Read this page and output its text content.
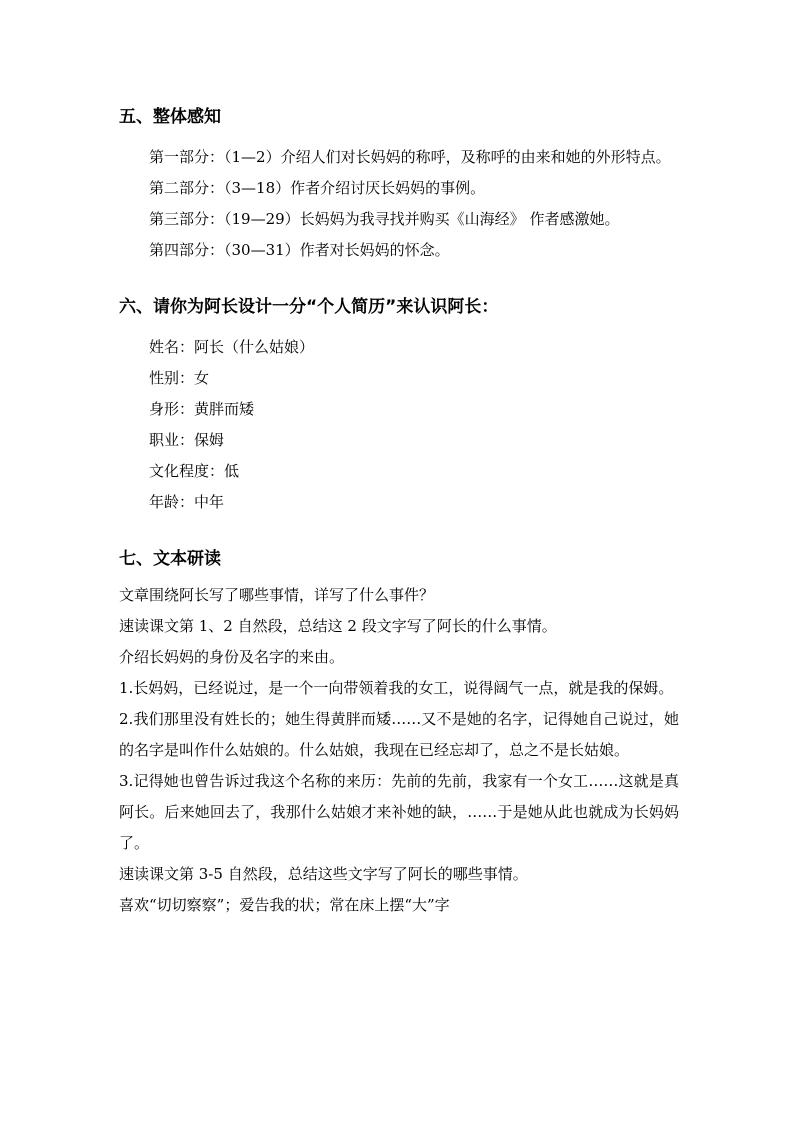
五、整体感知

第一部分：（1—2）介绍人们对长妈妈的称呼，及称呼的由来和她的外形特点。

第二部分：（3—18）作者介绍讨厌长妈妈的事例。

第三部分：（19—29）长妈妈为我寻找并购买《山海经》 作者感激她。

第四部分：（30—31）作者对长妈妈的怀念。

六、请你为阿长设计一分“个人简历”来认识阿长：

姓名：阿长（什么姑娘）

性别：女

身形：黄胖而矮

职业：保姆

文化程度：低

年龄：中年

七、文本研读

文章围绕阿长写了哪些事情，详写了什么事件？

速读课文第 1、2 自然段，总结这 2 段文字写了阿长的什么事情。

介绍长妈妈的身份及名字的来由。

1.长妈妈，已经说过，是一个一向带领着我的女工，说得阔气一点，就是我的保姆。

2.我们那里没有姓长的；她生得黄胖而矮……又不是她的名字，记得她自己说过，她的名字是叫作什么姑娘的。什么姑娘，我现在已经忘却了，总之不是长姑娘。

3.记得她也曾告诉过我这个名称的来历：先前的先前，我家有一个女工……这就是真阿长。后来她回去了，我那什么姑娘才来补她的缺，……于是她从此也就成为长妈妈了。

速读课文第 3-5 自然段，总结这些文字写了阿长的哪些事情。

喜欢“切切察察”；爱告我的状；常在床上摆“大”字
